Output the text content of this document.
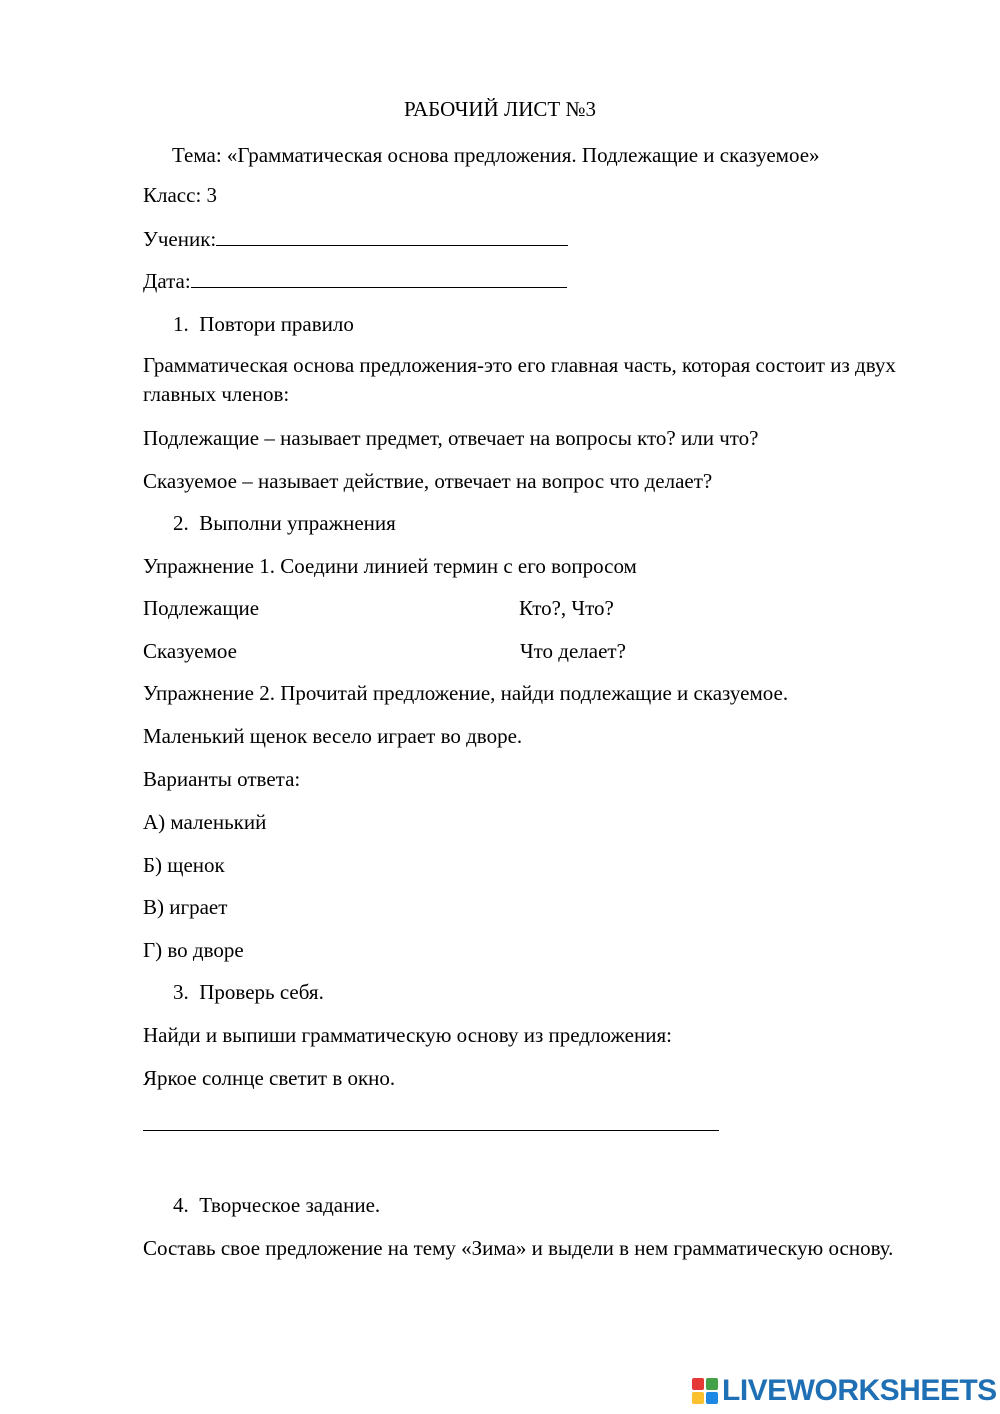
РАБОЧИЙ ЛИСТ №3
Тема: «Грамматическая основа предложения. Подлежащие и сказуемое»
Класс: 3
Ученик:
Дата:
1. Повтори правило
Грамматическая основа предложения-это его главная часть, которая состоит из двух главных членов:
Подлежащие – называет предмет, отвечает на вопросы кто? или что?
Сказуемое – называет действие, отвечает на вопрос что делает?
2. Выполни упражнения
Упражнение 1. Соедини линией термин с его вопросом
Подлежащие	Кто?, Что?
Сказуемое	Что делает?
Упражнение 2. Прочитай предложение, найди подлежащие и сказуемое.
Маленький щенок весело играет во дворе.
Варианты ответа:
А) маленький
Б) щенок
В) играет
Г) во дворе
3. Проверь себя.
Найди и выпиши грамматическую основу из предложения:
Яркое солнце светит в окно.
4. Творческое задание.
Составь свое предложение на тему «Зима» и выдели в нем грамматическую основу.
LIVEWORKSHEETS
